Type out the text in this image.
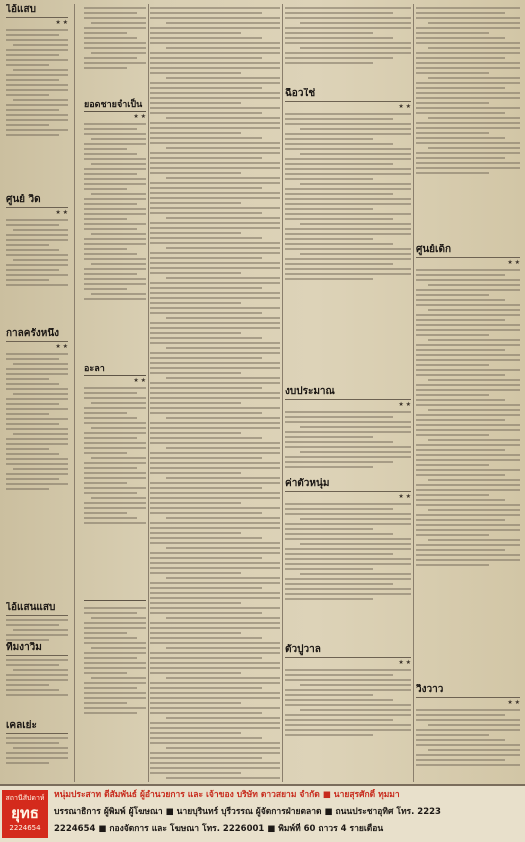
ไอ้แสบ
★ ★
ศูนย์ วิด
★ ★
กาลครั้งหนึ่ง
★ ★
ไอ้แสนแสบ
ทีมงาวิ่ม
เคลเย่ะ
ยอดชายจำเป็น
★ ★
อะลา
★ ★
ฉือวใช่
★ ★
งบประมาณ
★ ★
ค่าตัวหนุ่ม
★ ★
ตัวปูวาล
★ ★
ศูนย์เด็ก
★ ★
วิงวาว
★ ★
สถานีสัปดาห์
ยุทธ
2224654
หนุ่มประสาท ดีสัมพันธ์ ผู้อำนวยการ และ เจ้าของ บริษัท ดาวสยาม จำกัด ■ นายสุรศักดิ์ ทุมมา
บรรณาธิการ ผู้พิมพ์ ผู้โฆษณา ■ นายบุรินทร์ บุรีวรรณ ผู้จัดการฝ่ายตลาด ■ ถนนประชาอุทิศ โทร. 2223
2224654 ■ กองจัดการ และ โฆษณา โทร. 2226001 ■ พิมพ์ที่ 60 ถาวร 4 รายเดือน
